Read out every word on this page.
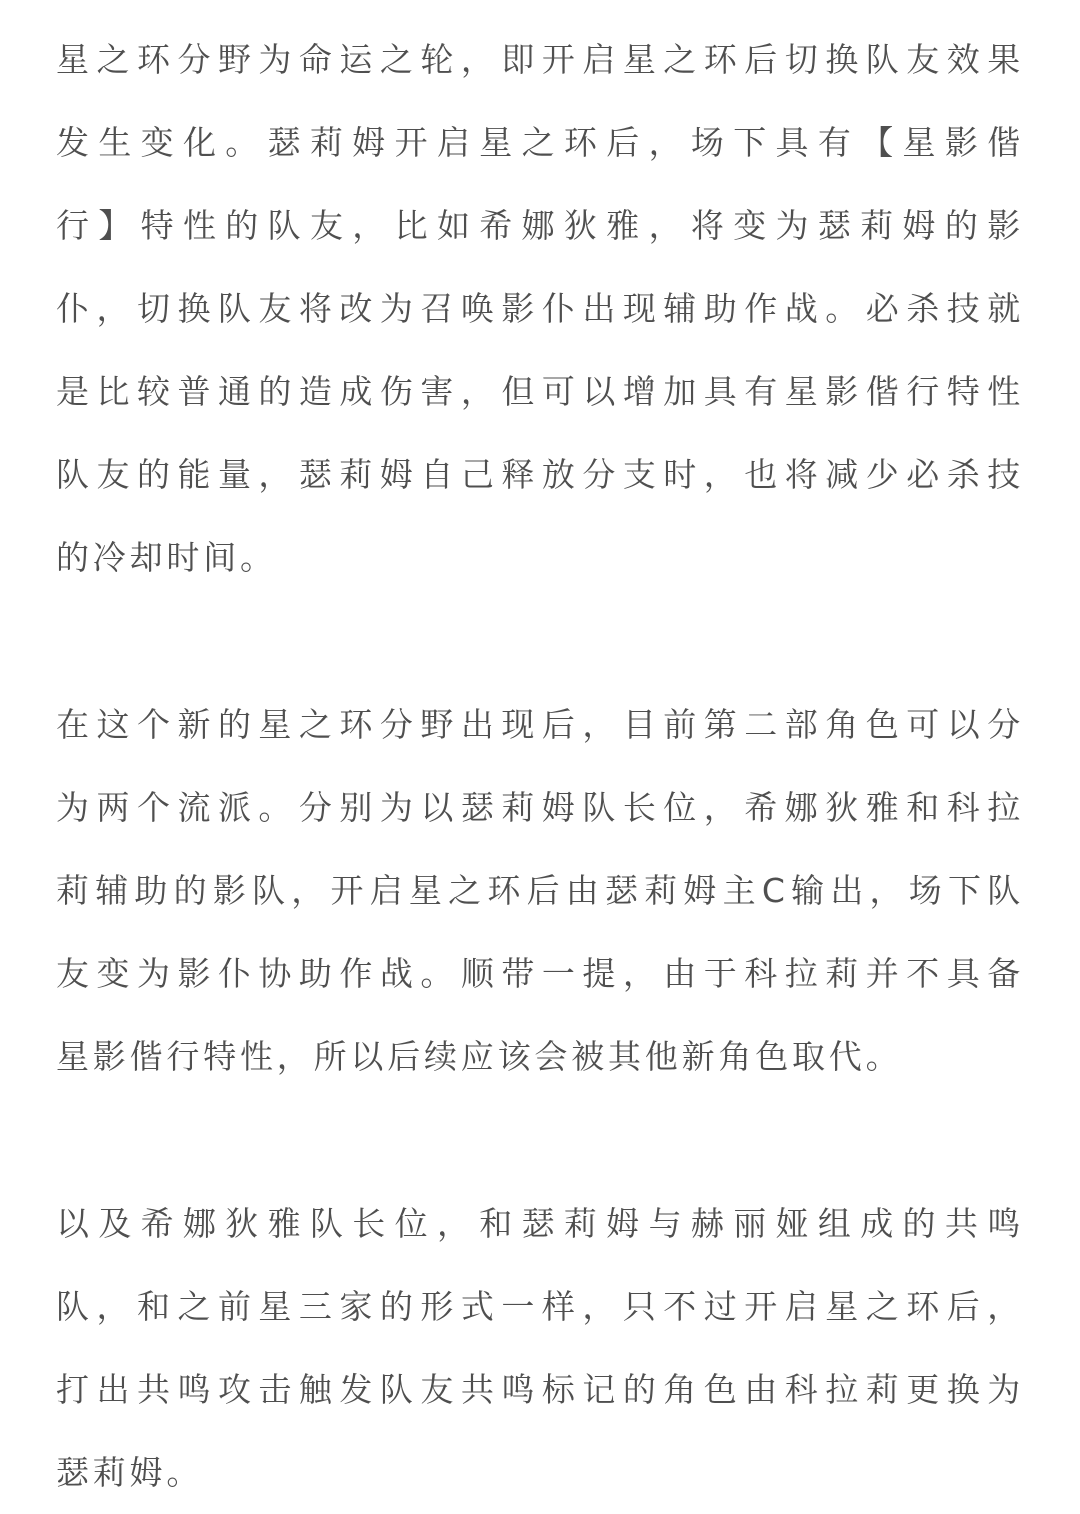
星之环分野为命运之轮，即开启星之环后切换队友效果
发生变化。瑟莉姆开启星之环后，场下具有【星影偕
行】特性的队友，比如希娜狄雅，将变为瑟莉姆的影
仆，切换队友将改为召唤影仆出现辅助作战。必杀技就
是比较普通的造成伤害，但可以增加具有星影偕行特性
队友的能量，瑟莉姆自己释放分支时，也将减少必杀技
的冷却时间。
在这个新的星之环分野出现后，目前第二部角色可以分
为两个流派。分别为以瑟莉姆队长位，希娜狄雅和科拉
莉辅助的影队，开启星之环后由瑟莉姆主C输出，场下队
友变为影仆协助作战。顺带一提，由于科拉莉并不具备
星影偕行特性，所以后续应该会被其他新角色取代。
以及希娜狄雅队长位，和瑟莉姆与赫丽娅组成的共鸣
队，和之前星三家的形式一样，只不过开启星之环后，
打出共鸣攻击触发队友共鸣标记的角色由科拉莉更换为
瑟莉姆。
